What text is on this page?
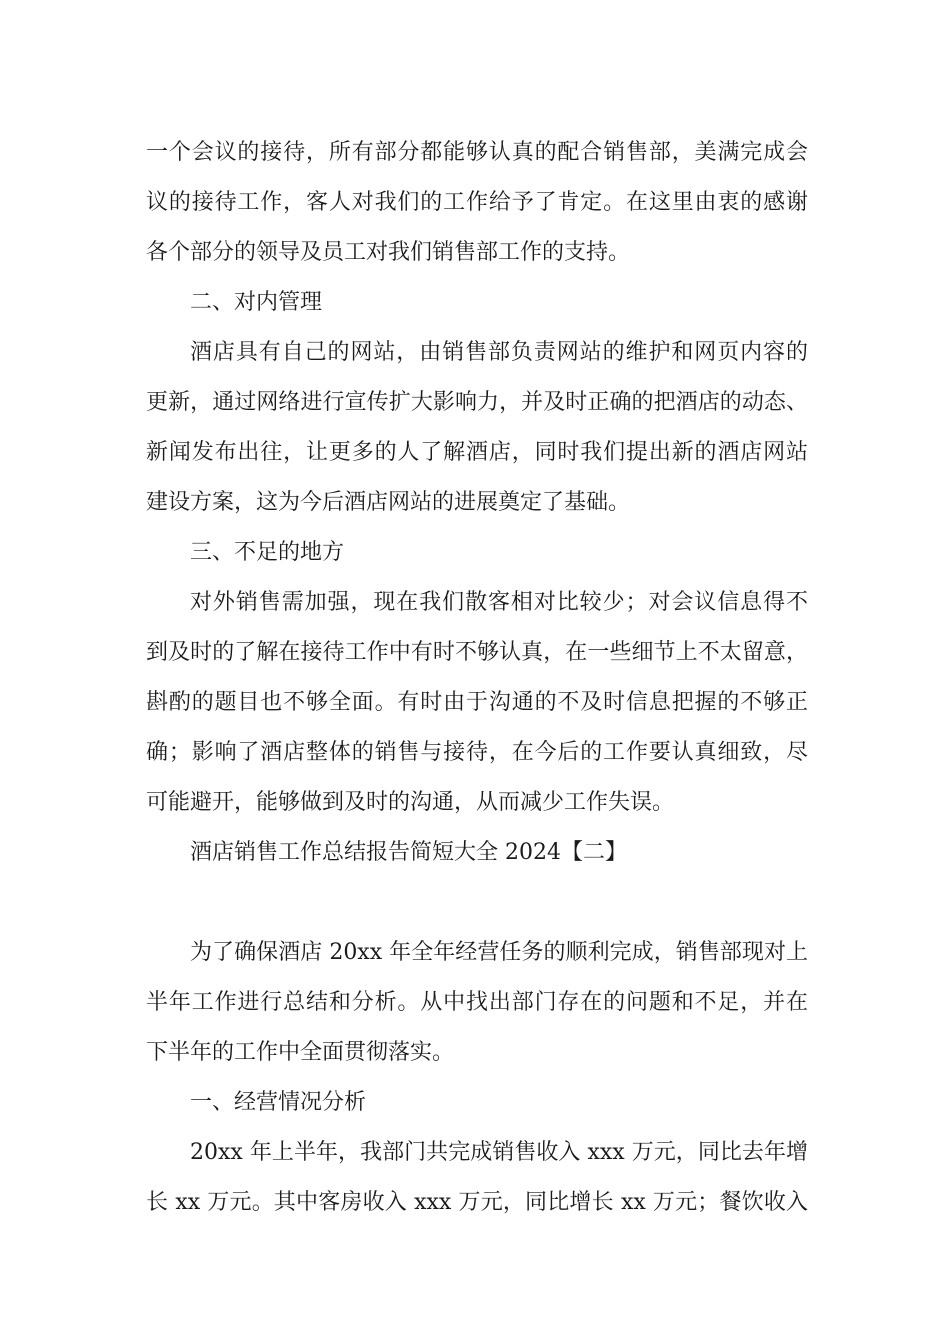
一个会议的接待，所有部分都能够认真的配合销售部，美满完成会
议的接待工作，客人对我们的工作给予了肯定。在这里由衷的感谢
各个部分的领导及员工对我们销售部工作的支持。
二、对内管理
酒店具有自己的网站，由销售部负责网站的维护和网页内容的
更新，通过网络进行宣传扩大影响力，并及时正确的把酒店的动态、
新闻发布出往，让更多的人了解酒店，同时我们提出新的酒店网站
建设方案，这为今后酒店网站的进展奠定了基础。
三、不足的地方
对外销售需加强，现在我们散客相对比较少；对会议信息得不
到及时的了解在接待工作中有时不够认真，在一些细节上不太留意，
斟酌的题目也不够全面。有时由于沟通的不及时信息把握的不够正
确；影响了酒店整体的销售与接待，在今后的工作要认真细致，尽
可能避开，能够做到及时的沟通，从而减少工作失误。
酒店销售工作总结报告简短大全 2024【二】
为了确保酒店 20xx 年全年经营任务的顺利完成，销售部现对上
半年工作进行总结和分析。从中找出部门存在的问题和不足，并在
下半年的工作中全面贯彻落实。
一、经营情况分析
20xx 年上半年，我部门共完成销售收入 xxx 万元，同比去年增
长 xx 万元。其中客房收入 xxx 万元，同比增长 xx 万元；餐饮收入
